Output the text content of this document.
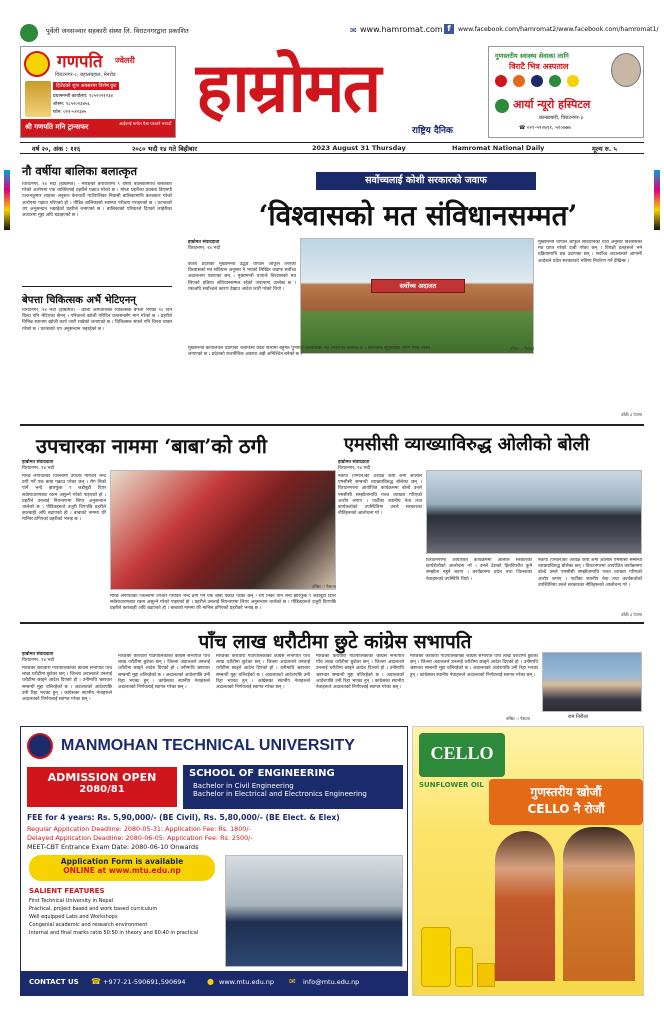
पूर्वेली जनसञ्चार सहकारी संस्था लि. विराटनगरद्वारा प्रकाशित	✉ www.hamromat.com f	www.facebook.com/hamromat2/www.facebook.com/hamromat1/
गणपति ज्वेलरी
विराटनगर-८, बहालबहाल, मेनरोड
हिउँदको शुभ अवसरमा विशेष छुट
प्रधानमन्त्री कार्यालय: ९८५२०२१२३४
शोरुम: ९८५२०२३४५६
फोन: ०२१-५१२३४५
श्री गणपति मनि ट्रान्सफर	आईएमई मार्फत पैसा पठाउने भरपर्दो हाम्रोमत
राष्ट्रिय दैनिक
गुणस्तरीय स्वास्थ्य सेवाका लागि
विराटै भित्र अस्पताल
आर्या न्यूरो हस्पिटल
कान्छाबारी, विराटनगर-३
☎ ०२१-५९०७११, ५९०७७७
वर्ष २०, अंक : ११६	२०८० भदौ १४ गते बिहीबार	2023 August 31 Thursday	Hamromat National Daily	मूल्य रु. ५
नौ वर्षीया बालिका बलात्कृत
विराटनगर, १४ भदौ (हाम्रोमत) - मोरङको केरावारीमा ९ वर्षीय बालिकामाथि बलात्कार गरेको आरोपमा एक व्यक्तिलाई प्रहरीले पक्राउ गरेको छ । मोरङ प्रहरीका प्रवक्ता डिएसपी रञ्जनकुमार शाहका अनुसार केरावारी गाउँपालिका निवासी बालिकामाथि बलात्कार गरेको आरोपमा पक्राउ गरिएको हो । पीडित बालिकाको स्वास्थ्य परीक्षण गराइएको छ । घटनाबारे थप अनुसन्धान भइरहेको प्रहरीले जनाएको छ । बालिकाको परिवारले दिएको जाहेरीका आधारमा मुद्दा अघि बढाइएको छ ।
बेपत्ता चिकित्सक अर्भै भेटिएनन्
विराटनगर, १४ भदौ (हाम्रोमत) - कोशी अस्पतालका चिकित्सक बेपत्ता भएको १० दिन बित्दा पनि भेटिएका छैनन् । परिवारले खोजी गरिदिन प्रशासनसँग माग गरेको छ । प्रहरीले विभिन्न स्थानमा खोजी कार्य जारी राखेको जनाएको छ । चिकित्सक संघले पनि चिन्ता व्यक्त गरेको छ । घटनाबारे थप अनुसन्धान भइरहेको छ ।
सर्वोच्चलाई कोशी सरकारको जवाफ
‘विश्वासको मत संविधानसम्मत’
हाम्रोमत संवाददाता
विराटनगर, १४ भदौ
कोशी प्रदेशका मुख्यमन्त्री उद्धव थापाले आफूले लिएको विश्वासको मत संविधान अनुसार नै भएको लिखित जवाफ सर्वोच्च अदालतमा पठाएका छन् । मुख्यमन्त्री थापाले विश्वासको मत लिएको प्रक्रिया संविधानसम्मत रहेको जवाफमा उल्लेख छ । यसअघि सर्वोच्चले कारण देखाउ आदेश जारी गरेको थियो ।	सर्वोच्च अदालत
मुख्यमन्त्री कार्यालयले पठाएको जवाफमा प्रदेश सभामा बहुमत पुर्‍याएर विश्वासको मत लिइएको उल्लेख छ । सर्वोच्चले सुनुवाइका लागि मिति तोक्ने जनाएको छ । प्रदेशको राजनीतिक अवस्था अझै अनिश्चित बनेको छ ।
मुख्यमन्त्री थापाले आफूले संविधानको धारा अनुसार विश्वासको मत प्राप्त गरेको दाबी गरेका छन् । विपक्षी दलहरूले भने प्रक्रियामाथि प्रश्न उठाएका छन् । सर्वोच्च अदालतको आगामी आदेशले प्रदेश सरकारको भविष्य निर्धारण गर्ने देखिन्छ ।
तस्बिर ः पैसाला
बाँकी ३ पेजमा
उपचारका नाममा ‘बाबा’को ठगी
हाम्रोमत संवाददाता
विराटनगर, १४ भदौ
मोरङ लगायतका जिल्लामा उपचार गरिदिने भन्दै ठगी गर्ने एक बाबा पक्राउ परेका छन् । रोग निको पार्ने भन्दै झारफुक र जडीबुटी दिएर सर्वसाधारणबाट रकम असुल्ने गरेको पाइएको हो । प्रहरीले उनलाई नियन्त्रणमा लिएर अनुसन्धान थालेको छ । पीडितहरूले उजुरी दिएपछि प्रहरीले कारबाही अघि बढाएको हो । बाबाको नाममा धेरै मानिस ठगिएको प्रहरीको भनाइ छ ।
मोरङ लगायतका जिल्लामा उपचार गरिदिने भन्दै ठगी गर्ने एक बाबा पक्राउ परेका छन् । रोग निको पार्ने भन्दै झारफुक र जडीबुटी दिएर सर्वसाधारणबाट रकम असुल्ने गरेको पाइएको हो । प्रहरीले उनलाई नियन्त्रणमा लिएर अनुसन्धान थालेको छ । पीडितहरूले उजुरी दिएपछि प्रहरीले कारबाही अघि बढाएको हो । बाबाको नाममा धेरै मानिस ठगिएको प्रहरीको भनाइ छ ।
तस्बिर ः पैसाला
एमसीसी व्याख्याविरुद्ध ओलीको बोली
हाम्रोमत संवाददाता
विराटनगर, १४ भदौ
नेकपा (एमाले)का अध्यक्ष केपी शर्मा ओलीले एमसीसी सम्बन्धी व्याख्याविरुद्ध बोलेका छन् । विराटनगरमा आयोजित कार्यक्रममा बोल्दै उनले एमसीसी सम्झौतामाथि गलत व्याख्या गरिएको आरोप लगाए । पार्टीका स्थानीय नेता तथा कार्यकर्ताको उपस्थितिमा उनले सरकारका नीतिहरूको आलोचना गरे ।
विराटनगरमा आयोजित कार्यक्रममा ओलीले सरकारको कार्यशैलीको आलोचना गरे । उनले देशको हितविपरीत कुनै सम्झौता नहुने बताए । कार्यक्रममा प्रदेश तथा जिल्लाका नेताहरूको उपस्थिति थियो ।
नेकपा (एमाले)का अध्यक्ष केपी शर्मा ओलीले एमसीसी सम्बन्धी व्याख्याविरुद्ध बोलेका छन् । विराटनगरमा आयोजित कार्यक्रममा बोल्दै उनले एमसीसी सम्झौतामाथि गलत व्याख्या गरिएको आरोप लगाए । पार्टीका स्थानीय नेता तथा कार्यकर्ताको उपस्थितिमा उनले सरकारका नीतिहरूको आलोचना गरे ।
बाँकी ३ पेजमा
पाँच लाख धरौटीमा छुटे कांग्रेस सभापति
हाम्रोमत संवाददाता
विराटनगर, १४ भदौ
मोरङको केरावारी गाउँपालिकाका कांग्रेस सभापति पाँच लाख धरौटीमा छुटेका छन् । जिल्ला अदालतले उनलाई धरौटीमा छाड्ने आदेश दिएको हो । उनीमाथि भ्रष्टाचार सम्बन्धी मुद्दा चलिरहेको छ । अदालतको आदेशपछि उनी रिहा भएका हुन् । कांग्रेसका स्थानीय नेताहरूले अदालतको निर्णयलाई स्वागत गरेका छन् ।
मोरङको केरावारी गाउँपालिकाका कांग्रेस सभापति पाँच लाख धरौटीमा छुटेका छन् । जिल्ला अदालतले उनलाई धरौटीमा छाड्ने आदेश दिएको हो । उनीमाथि भ्रष्टाचार सम्बन्धी मुद्दा चलिरहेको छ । अदालतको आदेशपछि उनी रिहा भएका हुन् । कांग्रेसका स्थानीय नेताहरूले अदालतको निर्णयलाई स्वागत गरेका छन् ।
मोरङको केरावारी गाउँपालिकाका कांग्रेस सभापति पाँच लाख धरौटीमा छुटेका छन् । जिल्ला अदालतले उनलाई धरौटीमा छाड्ने आदेश दिएको हो । उनीमाथि भ्रष्टाचार सम्बन्धी मुद्दा चलिरहेको छ । अदालतको आदेशपछि उनी रिहा भएका हुन् । कांग्रेसका स्थानीय नेताहरूले अदालतको निर्णयलाई स्वागत गरेका छन् ।
मोरङको केरावारी गाउँपालिकाका कांग्रेस सभापति पाँच लाख धरौटीमा छुटेका छन् । जिल्ला अदालतले उनलाई धरौटीमा छाड्ने आदेश दिएको हो । उनीमाथि भ्रष्टाचार सम्बन्धी मुद्दा चलिरहेको छ । अदालतको आदेशपछि उनी रिहा भएका हुन् । कांग्रेसका स्थानीय नेताहरूले अदालतको निर्णयलाई स्वागत गरेका छन् ।
मोरङको केरावारी गाउँपालिकाका कांग्रेस सभापति पाँच लाख धरौटीमा छुटेका छन् । जिल्ला अदालतले उनलाई धरौटीमा छाड्ने आदेश दिएको हो । उनीमाथि भ्रष्टाचार सम्बन्धी मुद्दा चलिरहेको छ । अदालतको आदेशपछि उनी रिहा भएका हुन् । कांग्रेसका स्थानीय नेताहरूले अदालतको निर्णयलाई स्वागत गरेका छन् ।
राम निरौला
तस्बिर ः पैसाला
MANMOHAN TECHNICAL UNIVERSITY
ADMISSION OPEN
2080/81
SCHOOL OF ENGINEERING
Bachelor in Civil Engineering
Bachelor in Electrical and Electronics Engineering
FEE for 4 years: Rs. 5,90,000/- (BE Civil), Rs. 5,80,000/- (BE Elect. & Elex)
Regular Application Deadline: 2080-05-31: Application Fee: Rs. 1800/-
Delayed Application Deadline: 2080-06-05: Application Fee: Rs. 2500/-
MEET-CBT Entrance Exam Date: 2080-06-10 Onwards
Application Form is available
ONLINE at www.mtu.edu.np
SALIENT FEATURES
First Technical University in Nepal
Practical, project based and work based curriculum
Well equipped Labs and Workshops
Congenial academic and research environment
Internal and final marks ratio 50:50 in theory and 60:40 in practical
CONTACT US ☎ +977-21-590691,590694	● www.mtu.edu.np ✉ info@mtu.edu.np
CELLO
SUNFLOWER OIL	गुणस्तरीय खोजौं
CELLO नै रोजौं
